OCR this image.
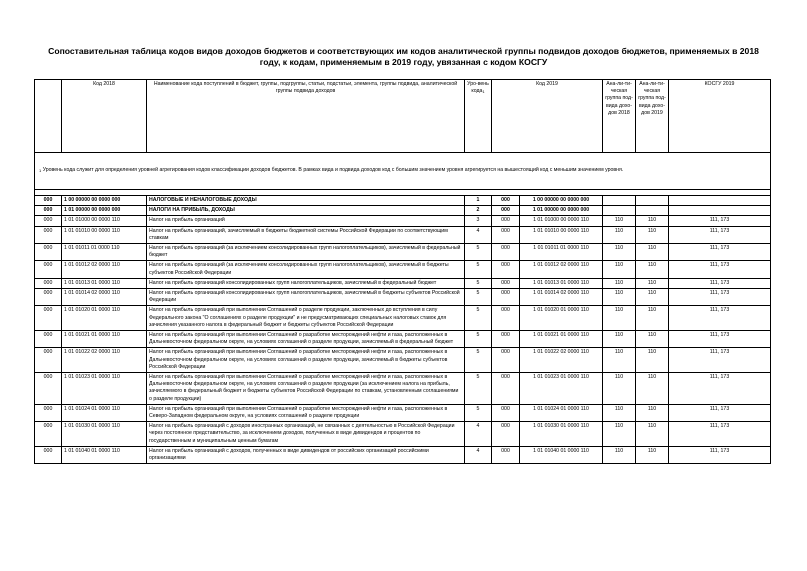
Сопоставительная таблица кодов видов доходов бюджетов и соответствующих им кодов аналитической группы подвидов доходов бюджетов, применяемых в 2018 году, к кодам, применяемым в 2019 году, увязанная с кодом КОСГУ
	Код 2018	Наименование кода поступлений в бюджет, группы, подгруппы, статьи, подстатьи, элемента, группы подвида, аналитической группы подвида доходов	Уро-вень кода$^1$	Код 2019		Ана-ли-ти-ческая группа под-вида дохо-дов 2018	Ана-ли-ти-ческая группа под-вида дохо-дов 2019	КОСГУ 2019
$^1$ Уровень кода служит для определения уровней агрегирования кодов классификации доходов бюджетов. В рамках вида и подвида доходов код с большим значением уровня агрегируется на вышестоящий код с меньшим значением уровня.								

000	1 00 00000 00 0000 000	НАЛОГОВЫЕ И НЕНАЛОГОВЫЕ ДОХОДЫ	1	000	1 00 00000 00 0000 000			
000	1 01 00000 00 0000 000	НАЛОГИ НА ПРИБЫЛЬ, ДОХОДЫ	2	000	1 01 00000 00 0000 000			
000	1 01 01000 00 0000 110	Налог на прибыль организаций	3	000	1 01 01000 00 0000 110	110	110	111, 173
000	1 01 01010 00 0000 110	Налог на прибыль организаций, зачисляемый в бюджеты бюджетной системы Российской Федерации по соответствующим ставкам	4	000	1 01 01010 00 0000 110	110	110	111, 173
000	1 01 01011 01 0000 110	Налог на прибыль организаций (за исключением консолидированных групп налогоплательщиков), зачисляемый в федеральный бюджет	5	000	1 01 01011 01 0000 110	110	110	111, 173
000	1 01 01012 02 0000 110	Налог на прибыль организаций (за исключением консолидированных групп налогоплательщиков), зачисляемый в бюджеты субъектов Российской Федерации	5	000	1 01 01012 02 0000 110	110	110	111, 173
000	1 01 01013 01 0000 110	Налог на прибыль организаций консолидированных групп налогоплательщиков, зачисляемый в федеральный бюджет	5	000	1 01 01013 01 0000 110	110	110	111, 173
000	1 01 01014 02 0000 110	Налог на прибыль организаций консолидированных групп налогоплательщиков, зачисляемый в бюджеты субъектов Российской Федерации	5	000	1 01 01014 02 0000 110	110	110	111, 173
000	1 01 01020 01 0000 110	Налог на прибыль организаций при выполнении Соглашений о разделе продукции, заключенных до вступления в силу Федерального закона "О соглашениях о разделе продукции" и не предусматривающих специальных налоговых ставок для зачисления указанного налога в федеральный бюджет и бюджеты субъектов Российской Федерации	5	000	1 01 01020 01 0000 110	110	110	111, 173
000	1 01 01021 01 0000 110	Налог на прибыль организаций при выполнении Соглашений о разработке месторождений нефти и газа, расположенных в Дальневосточном федеральном округе, на условиях соглашений о разделе продукции, зачисляемый в федеральный бюджет	5	000	1 01 01021 01 0000 110	110	110	111, 173
000	1 01 01022 02 0000 110	Налог на прибыль организаций при выполнении Соглашений о разработке месторождений нефти и газа, расположенных в Дальневосточном федеральном округе, на условиях соглашений о разделе продукции, зачисляемый в бюджеты субъектов Российской Федерации	5	000	1 01 01022 02 0000 110	110	110	111, 173
000	1 01 01023 01 0000 110	Налог на прибыль организаций при выполнении Соглашений о разработке месторождений нефти и газа, расположенных в Дальневосточном федеральном округе, на условиях соглашений о разделе продукции (за исключением налога на прибыль, зачисляемого в федеральный бюджет и бюджеты субъектов Российской Федерации по ставкам, установленным соглашениями о разделе продукции)	5	000	1 01 01023 01 0000 110	110	110	111, 173
000	1 01 01024 01 0000 110	Налог на прибыль организаций при выполнении Соглашений о разработке месторождений нефти и газа, расположенных в Северо-Западном федеральном округе, на условиях соглашений о разделе продукции	5	000	1 01 01024 01 0000 110	110	110	111, 173
000	1 01 01030 01 0000 110	Налог на прибыль организаций с доходов иностранных организаций, не связанных с деятельностью в Российской Федерации через постоянное представительство, за исключением доходов, полученных в виде дивидендов и процентов по государственным и муниципальным ценным бумагам	4	000	1 01 01030 01 0000 110	110	110	111, 173
000	1 01 01040 01 0000 110	Налог на прибыль организаций с доходов, полученных в виде дивидендов от российских организаций российскими организациями	4	000	1 01 01040 01 0000 110	110	110	111, 173
